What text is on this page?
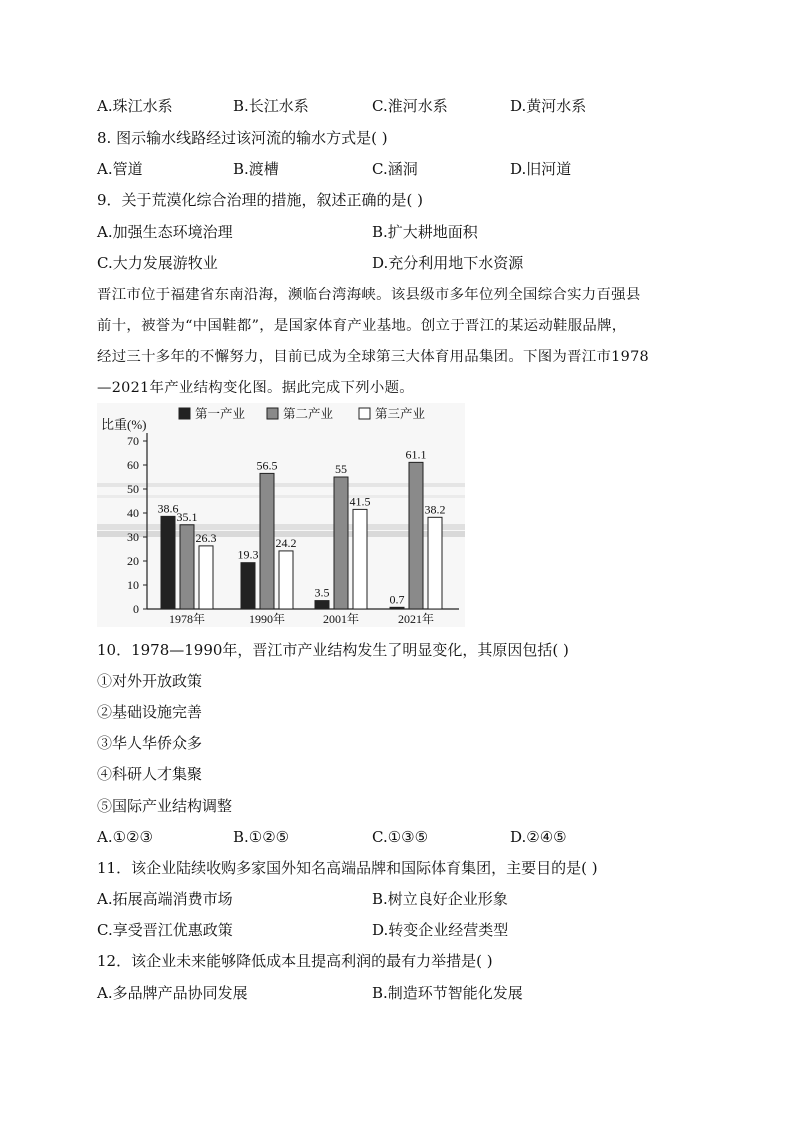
A.珠江水系	B.长江水系	C.淮河水系	D.黄河水系
8. 图示输水线路经过该河流的输水方式是( )
A.管道	B.渡槽	C.涵洞	D.旧河道
9．关于荒漠化综合治理的措施，叙述正确的是( )
A.加强生态环境治理	B.扩大耕地面积
C.大力发展游牧业	D.充分利用地下水资源

晋江市位于福建省东南沿海，濒临台湾海峡。该县级市多年位列全国综合实力百强县

前十，被誉为“中国鞋都”，是国家体育产业基地。创立于晋江的某运动鞋服品牌，

经过三十多年的不懈努力，目前已成为全球第三大体育用品集团。下图为晋江市1978

—2021年产业结构变化图。据此完成下列小题。

比重(%)
第一产业	第二产业	第三产业
0
10
20
30
40
50
60
70
38.6
35.1
26.3
1978年
19.3
56.5
24.2
1990年
3.5
55
41.5
2001年
0.7
61.1
38.2
2021年
10．1978—1990年，晋江市产业结构发生了明显变化，其原因包括( )
①对外开放政策
②基础设施完善
③华人华侨众多
④科研人才集聚
⑤国际产业结构调整
A.①②③	B.①②⑤	C.①③⑤	D.②④⑤
11．该企业陆续收购多家国外知名高端品牌和国际体育集团，主要目的是( )
A.拓展高端消费市场	B.树立良好企业形象
C.享受晋江优惠政策	D.转变企业经营类型
12．该企业未来能够降低成本且提高利润的最有力举措是( )
A.多品牌产品协同发展	B.制造环节智能化发展
